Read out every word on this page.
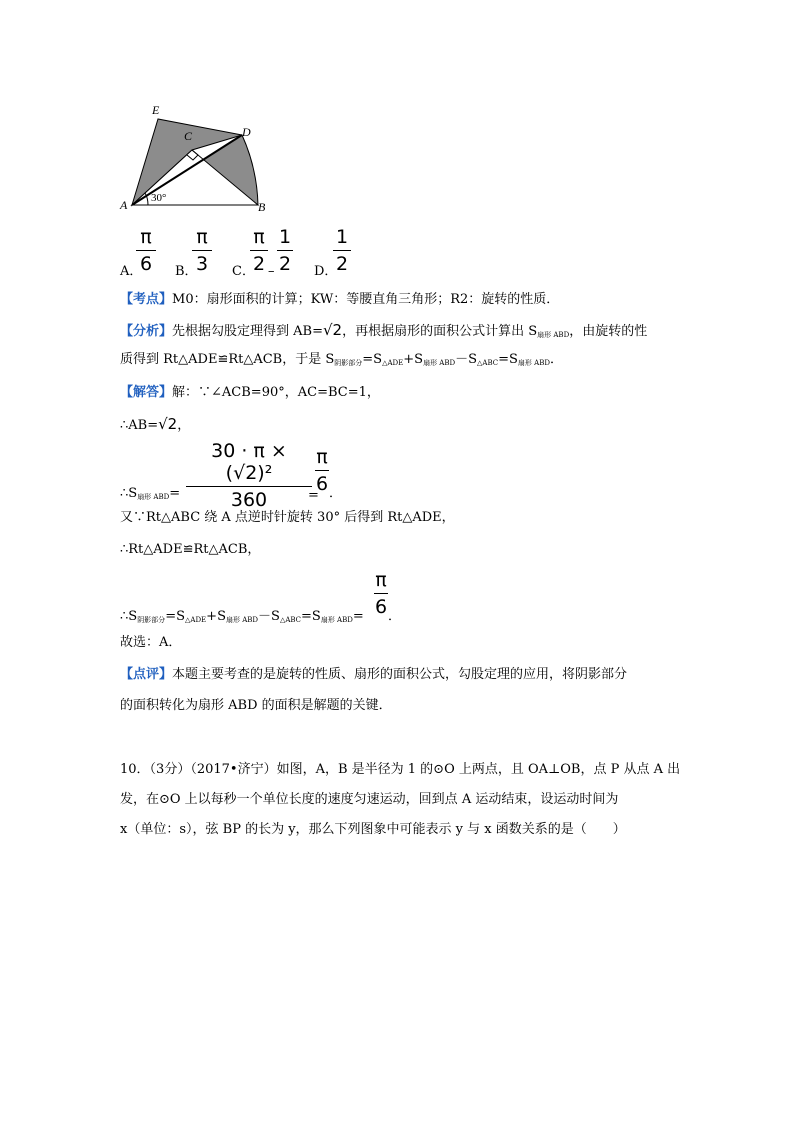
E
C	D
A	B
30°
A．
π
6	B．
π
3	C．
π
2 –
1
2 D．
1
2
【考点】M0：扇形面积的计算；KW：等腰直角三角形；R2：旋转的性质．
【分析】先根据勾股定理得到 AB=√2，再根据扇形的面积公式计算出 $S_{扇形 ABD}$，由旋转的性
质得到 Rt△ADE≌Rt△ACB，于是 $S_{阴影部分}=S_{\triangle ADE}+S_{扇形 ABD}-S_{\triangle ABC}=S_{扇形 ABD}$．
【解答】解：∵∠ACB=90°，AC=BC=1，
∴AB=√2，
$\therefore S_{扇形 ABD}=$
30 · π × (√2)²
360	=
π
6 ．
又∵Rt△ABC 绕 A 点逆时针旋转 30° 后得到 Rt△ADE，
∴Rt△ADE≌Rt△ACB，
$\therefore S_{阴影部分}=S_{\triangle ADE}+S_{扇形 ABD}-S_{\triangle ABC}=S_{扇形 ABD}=$
π
6 ．
故选：A．
【点评】本题主要考查的是旋转的性质、扇形的面积公式，勾股定理的应用，将阴影部分
的面积转化为扇形 ABD 的面积是解题的关键．
10．（3分）（2017•济宁）如图，A，B 是半径为 1 的⊙O 上两点，且 OA⊥OB，点 P 从点 A 出
发，在⊙O 上以每秒一个单位长度的速度匀速运动，回到点 A 运动结束，设运动时间为
x（单位：s），弦 BP 的长为 y，那么下列图象中可能表示 y 与 x 函数关系的是（　　）
